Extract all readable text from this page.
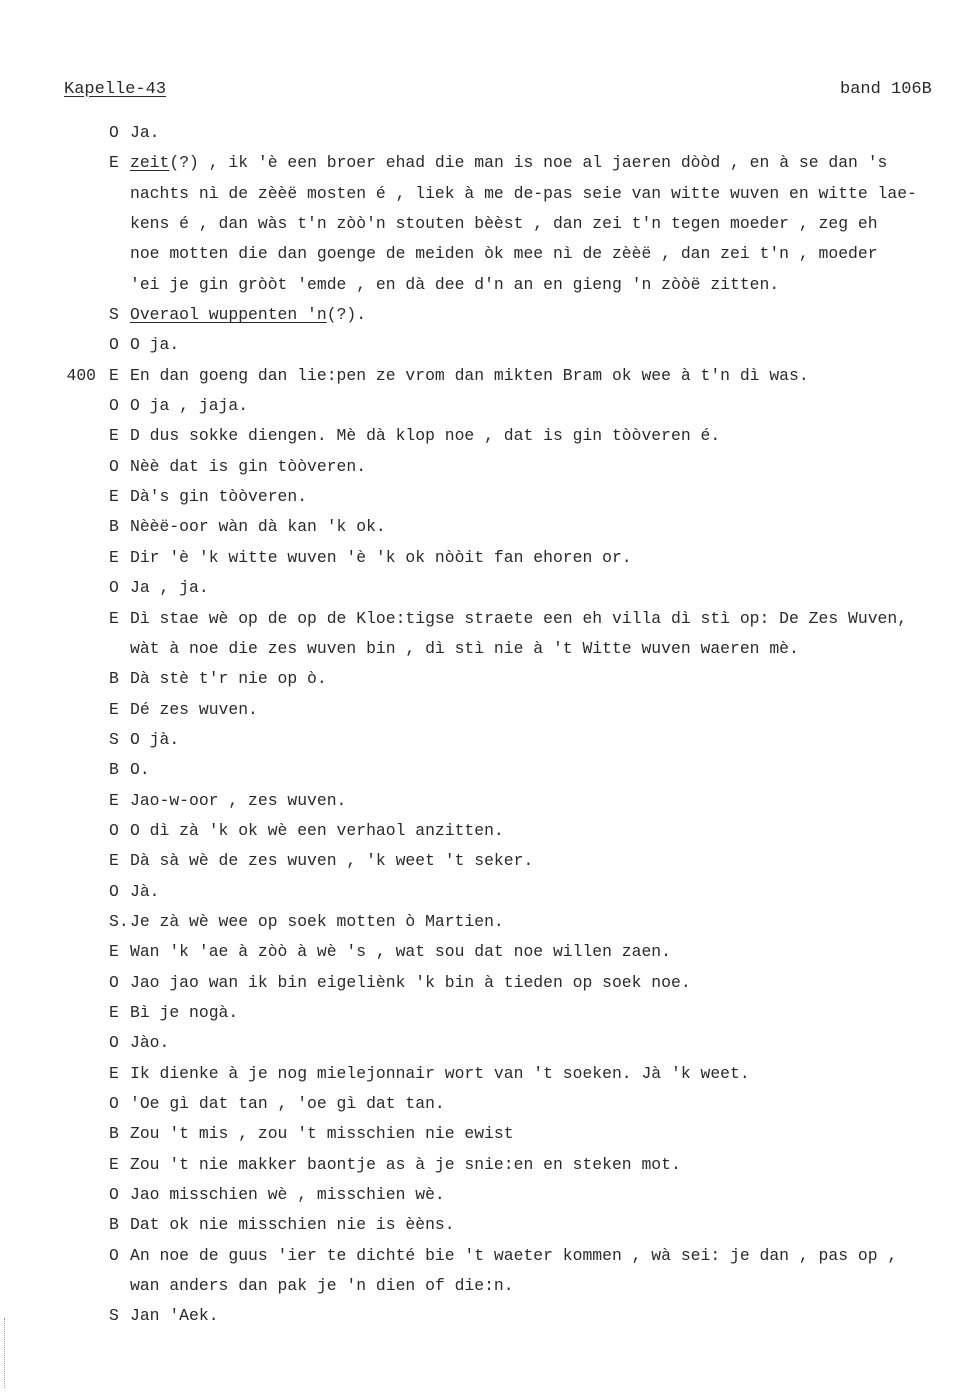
Kapelle-43	band 106B
O Ja.
E zeit(?) , ik 'è een broer ehad die man is noe al jaeren dòòd , en à se dan 's
nachts nì de zèèë mosten é , liek à me de-pas seie van witte wuven en witte lae-
kens é , dan wàs t'n zòò'n stouten bèèst , dan zei t'n tegen moeder , zeg eh
noe motten die dan goenge de meiden òk mee nì de zèèë , dan zei t'n , moeder
'ei je gin gròòt 'emde , en dà dee d'n an en gieng 'n zòòë zitten.
S Overaol wuppenten 'n(?).
O O ja.
400 E En dan goeng dan lie:pen ze vrom dan mikten Bram ok wee à t'n dì was.
O O ja , jaja.
E D dus sokke diengen. Mè dà klop noe , dat is gin tòòveren é.
O Nèè dat is gin tòòveren.
E Dà's gin tòòveren.
B Nèèë-oor wàn dà kan 'k ok.
E Dir 'è 'k witte wuven 'è 'k ok nòòit fan ehoren or.
O Ja , ja.
E Dì stae wè op de op de Kloe:tigse straete een eh villa dì stì op: De Zes Wuven,
wàt à noe die zes wuven bin , dì stì nie à 't Witte wuven waeren mè.
B Dà stè t'r nie op ò.
E Dé zes wuven.
S O jà.
B O.
E Jao-w-oor , zes wuven.
O O dì zà 'k ok wè een verhaol anzitten.
E Dà sà wè de zes wuven , 'k weet 't seker.
O Jà.
S. Je zà wè wee op soek motten ò Martien.
E Wan 'k 'ae à zòò à wè 's , wat sou dat noe willen zaen.
O Jao jao wan ik bin eigeliènk 'k bin à tieden op soek noe.
E Bì je nogà.
O Jào.
E Ik dienke à je nog mielejonnair wort van 't soeken. Jà 'k weet.
O 'Oe gì dat tan , 'oe gì dat tan.
B Zou 't mis , zou 't misschien nie ewist
E Zou 't nie makker baontje as à je snie:en en steken mot.
O Jao misschien wè , misschien wè.
B Dat ok nie misschien nie is èèns.
O An noe de guus 'ier te dichté bie 't waeter kommen , wà sei: je dan , pas op ,
wan anders dan pak je 'n dien of die:n.
S Jan 'Aek.
